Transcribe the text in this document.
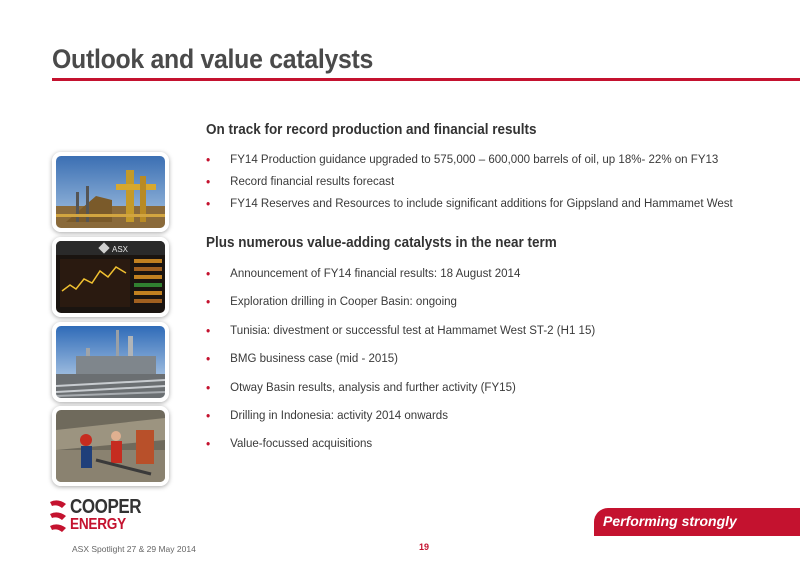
Outlook and value catalysts
On track for record production and financial results
• FY14 Production guidance upgraded to 575,000 – 600,000 barrels of oil, up 18%- 22% on FY13
• Record financial results forecast
• FY14 Reserves and Resources to include significant additions for Gippsland and Hammamet West
Plus numerous value-adding catalysts in the near term
• Announcement of FY14 financial results: 18 August 2014
• Exploration drilling in Cooper Basin: ongoing
• Tunisia: divestment or successful test at Hammamet West ST-2 (H1 15)
• BMG business case (mid - 2015)
• Otway Basin results, analysis and further activity (FY15)
• Drilling in Indonesia: activity 2014 onwards
• Value-focussed acquisitions
ASX
COOPER
ENERGY	Performing strongly
ASX Spotlight 27 & 29 May 2014	19
